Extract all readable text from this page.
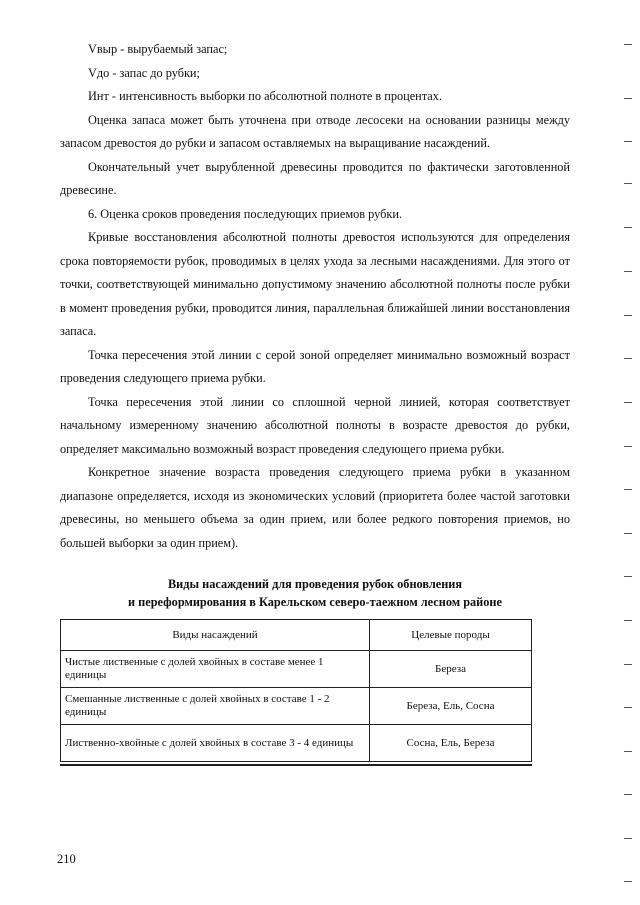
Vвыр - вырубаемый запас;

Vдо - запас до рубки;

Инт - интенсивность выборки по абсолютной полноте в процентах.

Оценка запаса может быть уточнена при отводе лесосеки на основании разницы между запасом древостоя до рубки и запасом оставляемых на выращивание насаждений.

Окончательный учет вырубленной древесины проводится по фактически заготовленной древесине.

6. Оценка сроков проведения последующих приемов рубки.

Кривые восстановления абсолютной полноты древостоя используются для определения срока повторяемости рубок, проводимых в целях ухода за лесными насаждениями. Для этого от точки, соответствующей минимально допустимому значению абсолютной полноты после рубки в момент проведения рубки, проводится линия, параллельная ближайшей линии восстановления запаса.

Точка пересечения этой линии с серой зоной определяет минимально возможный возраст проведения следующего приема рубки.

Точка пересечения этой линии со сплошной черной линией, которая соответствует начальному измеренному значению абсолютной полноты в возрасте древостоя до рубки, определяет максимально возможный возраст проведения следующего приема рубки.

Конкретное значение возраста проведения следующего приема рубки в указанном диапазоне определяется, исходя из экономических условий (приоритета более частой заготовки древесины, но меньшего объема за один прием, или более редкого повторения приемов, но большей выборки за один прием).

Виды насаждений для проведения рубок обновления
и переформирования в Карельском северо-таежном лесном районе
Виды насаждений	Целевые породы
Чистые лиственные с долей хвойных в составе менее 1 единицы	Береза
Смешанные лиственные с долей хвойных в составе 1 - 2 единицы	Береза, Ель, Сосна
Лиственно-хвойные с долей хвойных в составе 3 - 4 единицы	Сосна, Ель, Береза
210
